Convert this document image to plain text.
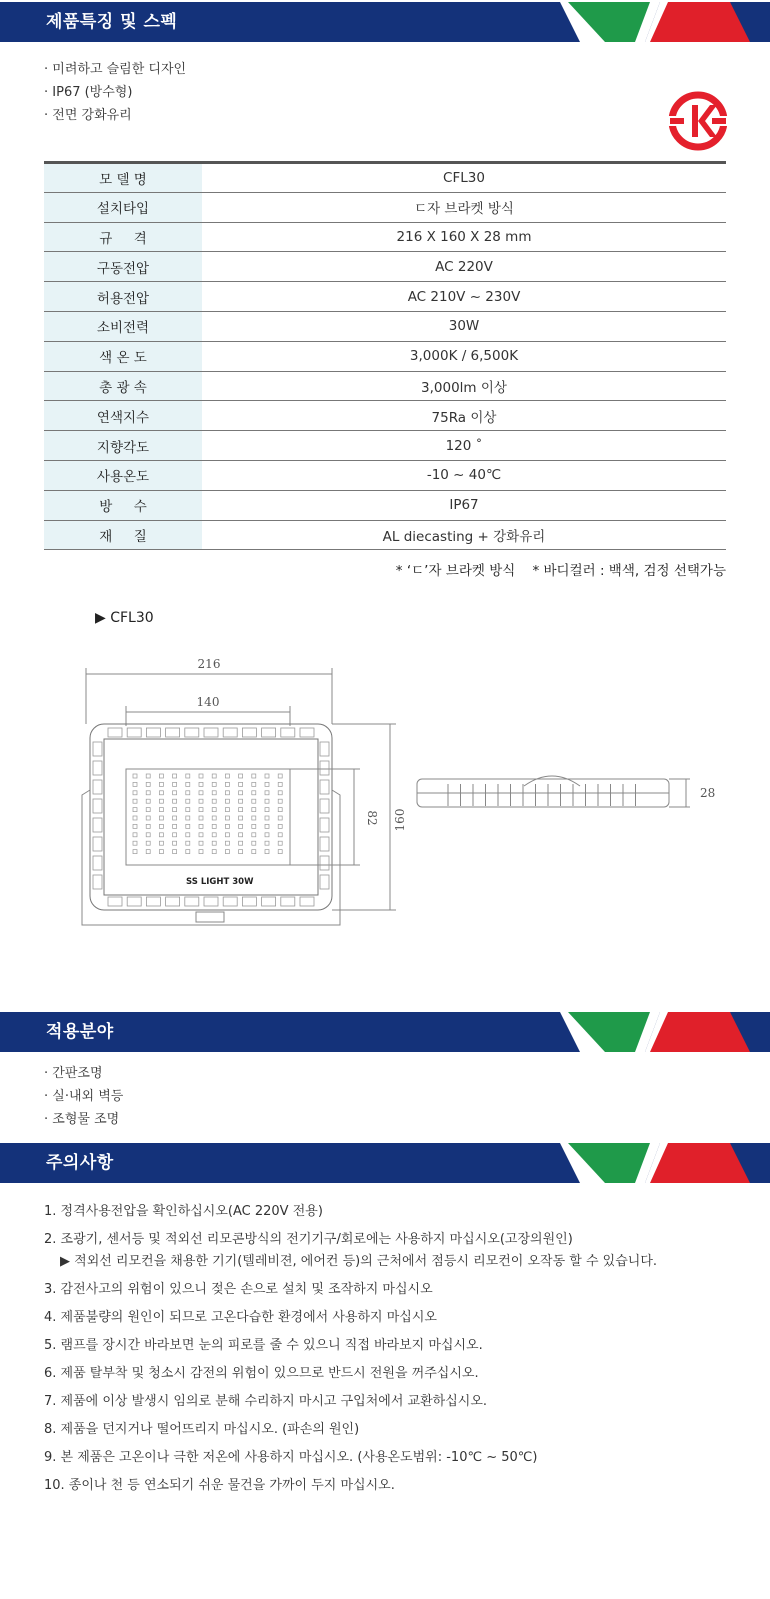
제품특징 및 스펙
· 미려하고 슬림한 디자인
· IP67 (방수형)
· 전면 강화유리
모 델 명	CFL30
설치타입	ㄷ자 브라켓 방식
규     격	216 X 160 X 28 mm
구동전압	AC 220V
허용전압	AC 210V ~ 230V
소비전력	30W
색 온 도	3,000K / 6,500K
총 광 속	3,000lm 이상
연색지수	75Ra 이상
지향각도	120 ˚
사용온도	-10 ~ 40℃
방     수	IP67
재     질	AL diecasting + 강화유리
* ‘ㄷ’자 브라켓 방식    * 바디컬러 : 백색, 검정 선택가능
▶ CFL30
216
140
160
82
28
SS LIGHT 30W
적용분야
· 간판조명
· 실·내외 벽등
· 조형물 조명
주의사항
1. 정격사용전압을 확인하십시오(AC 220V 전용)
2. 조광기, 센서등 및 적외선 리모콘방식의 전기기구/회로에는 사용하지 마십시오(고장의원인)
▶ 적외선 리모컨을 채용한 기기(텔레비젼, 에어컨 등)의 근처에서 점등시 리모컨이 오작동 할 수 있습니다.
3. 감전사고의 위험이 있으니 젖은 손으로 설치 및 조작하지 마십시오
4. 제품불량의 원인이 되므로 고온다습한 환경에서 사용하지 마십시오
5. 램프를 장시간 바라보면 눈의 피로를 줄 수 있으니 직접 바라보지 마십시오.
6. 제품 탈부착 및 청소시 감전의 위험이 있으므로 반드시 전원을 꺼주십시오.
7. 제품에 이상 발생시 임의로 분해 수리하지 마시고 구입처에서 교환하십시오.
8. 제품을 던지거나 떨어뜨리지 마십시오. (파손의 원인)
9. 본 제품은 고온이나 극한 저온에 사용하지 마십시오. (사용온도범위: -10℃ ~ 50℃)
10. 종이나 천 등 연소되기 쉬운 물건을 가까이 두지 마십시오.
